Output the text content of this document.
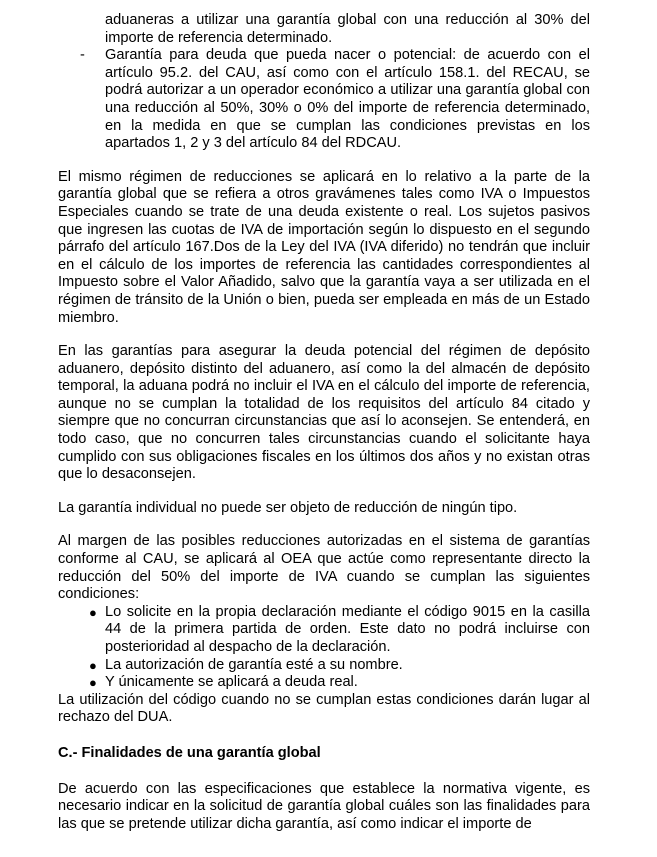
aduaneras a utilizar una garantía global con una reducción al 30% del importe de referencia determinado.
- Garantía para deuda que pueda nacer o potencial: de acuerdo con el artículo 95.2. del CAU, así como con el artículo 158.1. del RECAU, se podrá autorizar a un operador económico a utilizar una garantía global con una reducción al 50%, 30% o 0% del importe de referencia determinado, en la medida en que se cumplan las condiciones previstas en los apartados 1, 2 y 3 del artículo 84 del RDCAU.

El mismo régimen de reducciones se aplicará en lo relativo a la parte de la garantía global que se refiera a otros gravámenes tales como IVA o Impuestos Especiales cuando se trate de una deuda existente o real. Los sujetos pasivos que ingresen las cuotas de IVA de importación según lo dispuesto en el segundo párrafo del artículo 167.Dos de la Ley del IVA (IVA diferido) no tendrán que incluir en el cálculo de los importes de referencia las cantidades correspondientes al Impuesto sobre el Valor Añadido, salvo que la garantía vaya a ser utilizada en el régimen de tránsito de la Unión o bien, pueda ser empleada en más de un Estado miembro.

En las garantías para asegurar la deuda potencial del régimen de depósito aduanero, depósito distinto del aduanero, así como la del almacén de depósito temporal, la aduana podrá no incluir el IVA en el cálculo del importe de referencia, aunque no se cumplan la totalidad de los requisitos del artículo 84 citado y siempre que no concurran circunstancias que así lo aconsejen. Se entenderá, en todo caso, que no concurren tales circunstancias cuando el solicitante haya cumplido con sus obligaciones fiscales en los últimos dos años y no existan otras que lo desaconsejen.

La garantía individual no puede ser objeto de reducción de ningún tipo.

Al margen de las posibles reducciones autorizadas en el sistema de garantías conforme al CAU, se aplicará al OEA que actúe como representante directo la reducción del 50% del importe de IVA cuando se cumplan las siguientes condiciones:

● Lo solicite en la propia declaración mediante el código 9015 en la casilla 44 de la primera partida de orden. Este dato no podrá incluirse con posterioridad al despacho de la declaración.
● La autorización de garantía esté a su nombre.
● Y únicamente se aplicará a deuda real.

La utilización del código cuando no se cumplan estas condiciones darán lugar al rechazo del DUA.

C.- Finalidades de una garantía global

De acuerdo con las especificaciones que establece la normativa vigente, es necesario indicar en la solicitud de garantía global cuáles son las finalidades para las que se pretende utilizar dicha garantía, así como indicar el importe de
